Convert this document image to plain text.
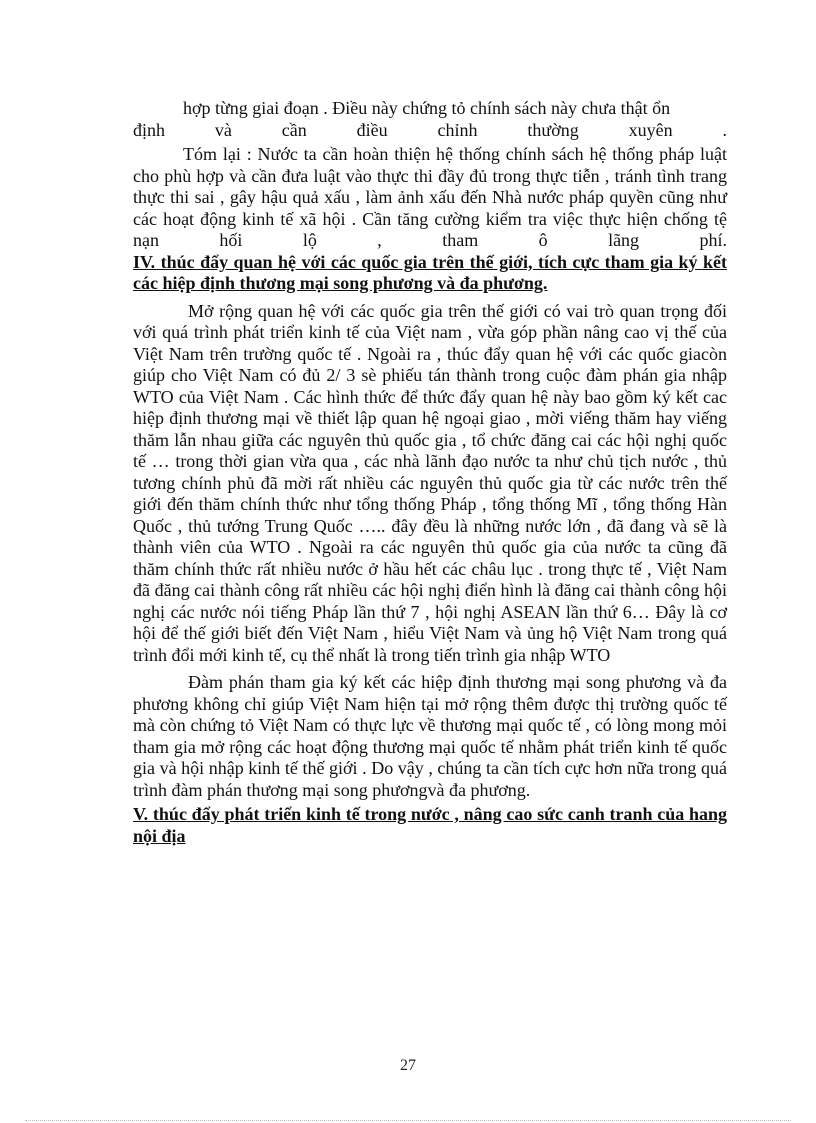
hợp từng giai đoạn . Điều này chứng tỏ chính sách này chưa thật ổn

định và cần điều chỉnh thường xuyên .

Tóm lại : Nước ta cần hoàn thiện hệ thống chính sách hệ thống pháp luật cho phù hợp và cần đưa luật vào thực thi đầy đủ trong thực tiễn , tránh tình trang thực thi sai , gây hậu quả xấu , làm ảnh xấu đến Nhà nước pháp quyền cũng như các hoạt động kinh tế xã hội . Cần tăng cường kiểm tra việc thực hiện chống tệ nạn hối lộ , tham ô lãng phí.

IV. thúc đẩy quan hệ với các quốc gia trên thế giới, tích cực tham gia ký kết các hiệp định thương mại song phương và đa phương.

Mở rộng quan hệ với các quốc gia trên thế giới có vai trò quan trọng đối với quá trình phát triển kinh tế của Việt nam , vừa góp phần nâng cao vị thế của Việt Nam trên trường quốc tế . Ngoài ra , thúc đẩy quan hệ với các quốc giacòn giúp cho Việt Nam có đủ 2/ 3 sè phiếu tán thành trong cuộc đàm phán gia nhập WTO của Việt Nam . Các hình thức để thức đẩy quan hệ này bao gồm ký kết cac hiệp định thương mại về thiết lập quan hệ ngoại giao , mời viếng thăm hay viếng thăm lẫn nhau giữa các nguyên thủ quốc gia , tổ chức đăng cai các hội nghị quốc tế … trong thời gian vừa qua , các nhà lãnh đạo nước ta như chủ tịch nước , thủ tương chính phủ đã mời rất nhiều các nguyên thủ quốc gia từ các nước trên thế giới đến thăm chính thức như tổng thống Pháp , tổng thống Mĩ , tổng thống Hàn Quốc , thủ tướng Trung Quốc ….. đây đều là những nước lớn , đã đang và sẽ là thành viên của WTO . Ngoài ra các nguyên thủ quốc gia của nước ta cũng đã thăm chính thức rất nhiều nước ở hầu hết các châu lục . trong thực tế , Việt Nam đã đăng cai thành công rất nhiều các hội nghị điển hình là đăng cai thành công hội nghị các nước nói tiếng Pháp lần thứ 7 , hội nghị ASEAN lần thứ 6… Đây là cơ hội để thế giới biết đến Việt Nam , hiểu Việt Nam và ủng hộ Việt Nam trong quá trình đổi mới kinh tế, cụ thể nhất là trong tiến trình gia nhập WTO

Đàm phán tham gia ký kết các hiệp định thương mại song phương và đa phương không chỉ giúp Việt Nam hiện tại mở rộng thêm được thị trường quốc tế mà còn chứng tỏ Việt Nam có thực lực về thương mại quốc tế , có lòng mong mỏi tham gia mở rộng các hoạt động thương mại quốc tế nhằm phát triển kinh tế quốc gia và hội nhập kinh tế thế giới . Do vậy , chúng ta cần tích cực hơn nữa trong quá trình đàm phán thương mại song phươngvà đa phương.

V. thúc đẩy phát triển kinh tế trong nước , nâng cao sức canh tranh của hang nội địa
27
